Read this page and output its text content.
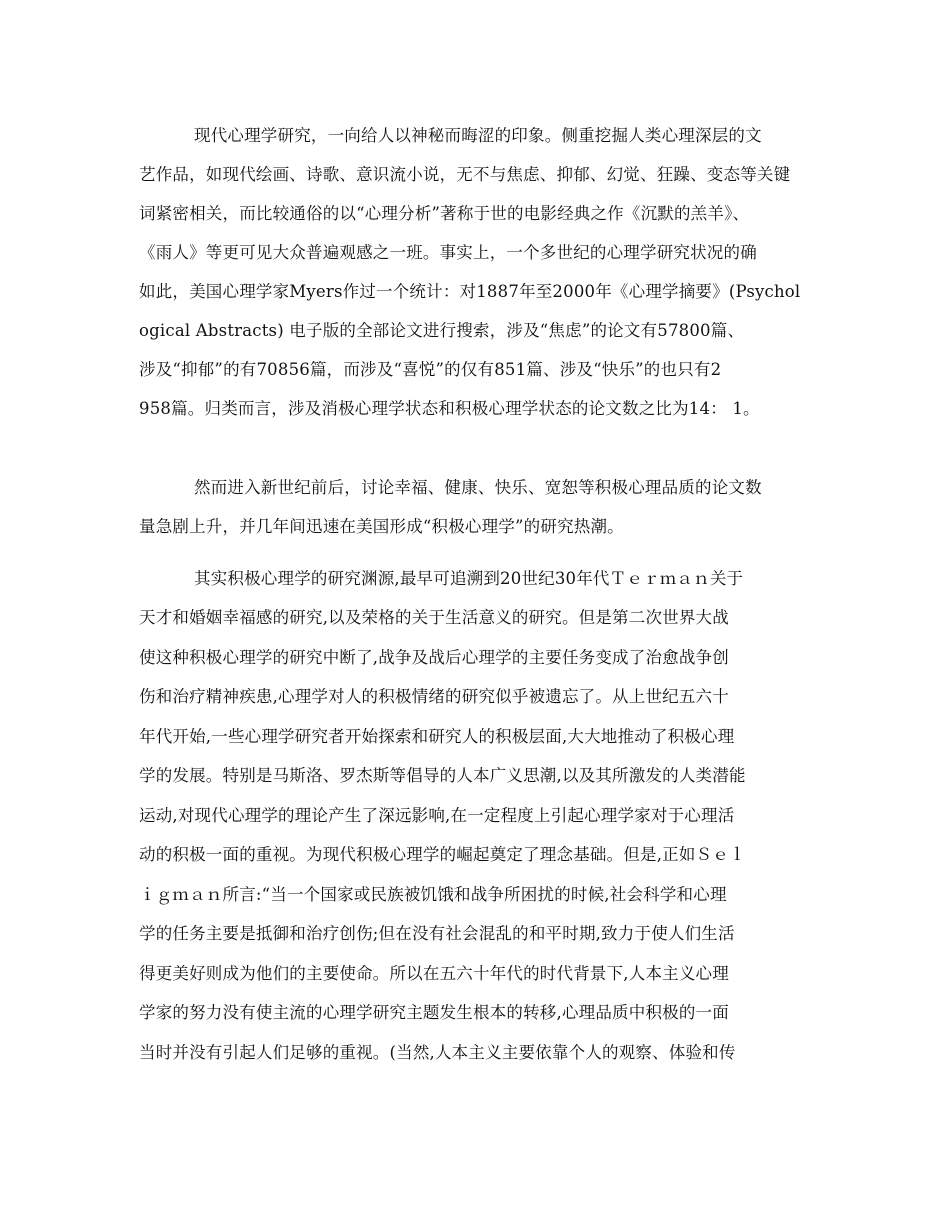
现代心理学研究，一向给人以神秘而晦涩的印象。侧重挖掘人类心理深层的文
艺作品，如现代绘画、诗歌、意识流小说，无不与焦虑、抑郁、幻觉、狂躁、变态等关键
词紧密相关，而比较通俗的以“心理分析”著称于世的电影经典之作《沉默的羔羊》、
《雨人》等更可见大众普遍观感之一班。事实上，一个多世纪的心理学研究状况的确
如此，美国心理学家Myers作过一个统计：对1887年至2000年《心理学摘要》(Psychol
ogical Abstracts) 电子版的全部论文进行搜索，涉及“焦虑”的论文有57800篇、
涉及“抑郁”的有70856篇，而涉及“喜悦”的仅有851篇、涉及“快乐”的也只有2
958篇。归类而言，涉及消极心理学状态和积极心理学状态的论文数之比为14： 1。
然而进入新世纪前后，讨论幸福、健康、快乐、宽恕等积极心理品质的论文数
量急剧上升，并几年间迅速在美国形成“积极心理学”的研究热潮。
其实积极心理学的研究渊源,最早可追溯到20世纪30年代Ｔｅｒｍａｎ关于
天才和婚姻幸福感的研究,以及荣格的关于生活意义的研究。但是第二次世界大战
使这种积极心理学的研究中断了,战争及战后心理学的主要任务变成了治愈战争创
伤和治疗精神疾患,心理学对人的积极情绪的研究似乎被遗忘了。从上世纪五六十
年代开始,一些心理学研究者开始探索和研究人的积极层面,大大地推动了积极心理
学的发展。特别是马斯洛、罗杰斯等倡导的人本广义思潮,以及其所激发的人类潜能
运动,对现代心理学的理论产生了深远影响,在一定程度上引起心理学家对于心理活
动的积极一面的重视。为现代积极心理学的崛起奠定了理念基础。但是,正如Ｓｅｌ
ｉｇｍａｎ所言:“当一个国家或民族被饥饿和战争所困扰的时候,社会科学和心理
学的任务主要是抵御和治疗创伤;但在没有社会混乱的和平时期,致力于使人们生活
得更美好则成为他们的主要使命。所以在五六十年代的时代背景下,人本主义心理
学家的努力没有使主流的心理学研究主题发生根本的转移,心理品质中积极的一面
当时并没有引起人们足够的重视。(当然,人本主义主要依靠个人的观察、体验和传
